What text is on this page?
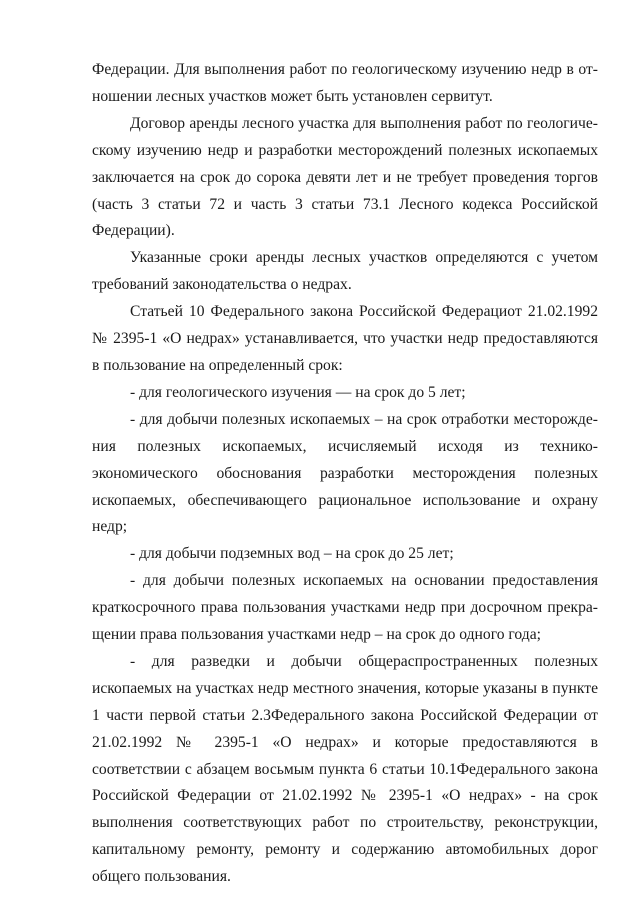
Федерации. Для выполнения работ по геологическому изучению недр в отношении лесных участков может быть установлен сервитут.

Договор аренды лесного участка для выполнения работ по геологическому изучению недр и разработки месторождений полезных ископаемых заключается на срок до сорока девяти лет и не требует проведения торгов (часть 3 статьи 72 и часть 3 статьи 73.1 Лесного кодекса Российской Федерации).

Указанные сроки аренды лесных участков определяются с учетом требований законодательства о недрах.

Статьей 10 Федерального закона Российской Федерациoт 21.02.1992 № 2395-1 «О недрах» устанавливается, что участки недр предоставляются в пользование на определенный срок:

- для геологического изучения — на срок до 5 лет;

- для добычи полезных ископаемых – на срок отработки месторождения полезных ископаемых, исчисляемый исходя из технико-экономического обоснования разработки месторождения полезных ископаемых, обеспечивающего рациональное использование и охрану недр;

- для добычи подземных вод – на срок до 25 лет;

- для добычи полезных ископаемых на основании предоставления краткосрочного права пользования участками недр при досрочном прекращении права пользования участками недр – на срок до одного года;

- для разведки и добычи общераспространенных полезных ископаемых на участках недр местного значения, которые указаны в пункте 1 части первой статьи 2.3Федерального закона Российской Федерации от 21.02.1992 № 2395-1 «О недрах» и которые предоставляются в соответствии с абзацем восьмым пункта 6 статьи 10.1Федерального закона Российской Федерации от 21.02.1992 № 2395-1 «О недрах» - на срок выполнения соответствующих работ по строительству, реконструкции, капитальному ремонту, ремонту и содержанию автомобильных дорог общего пользования.
